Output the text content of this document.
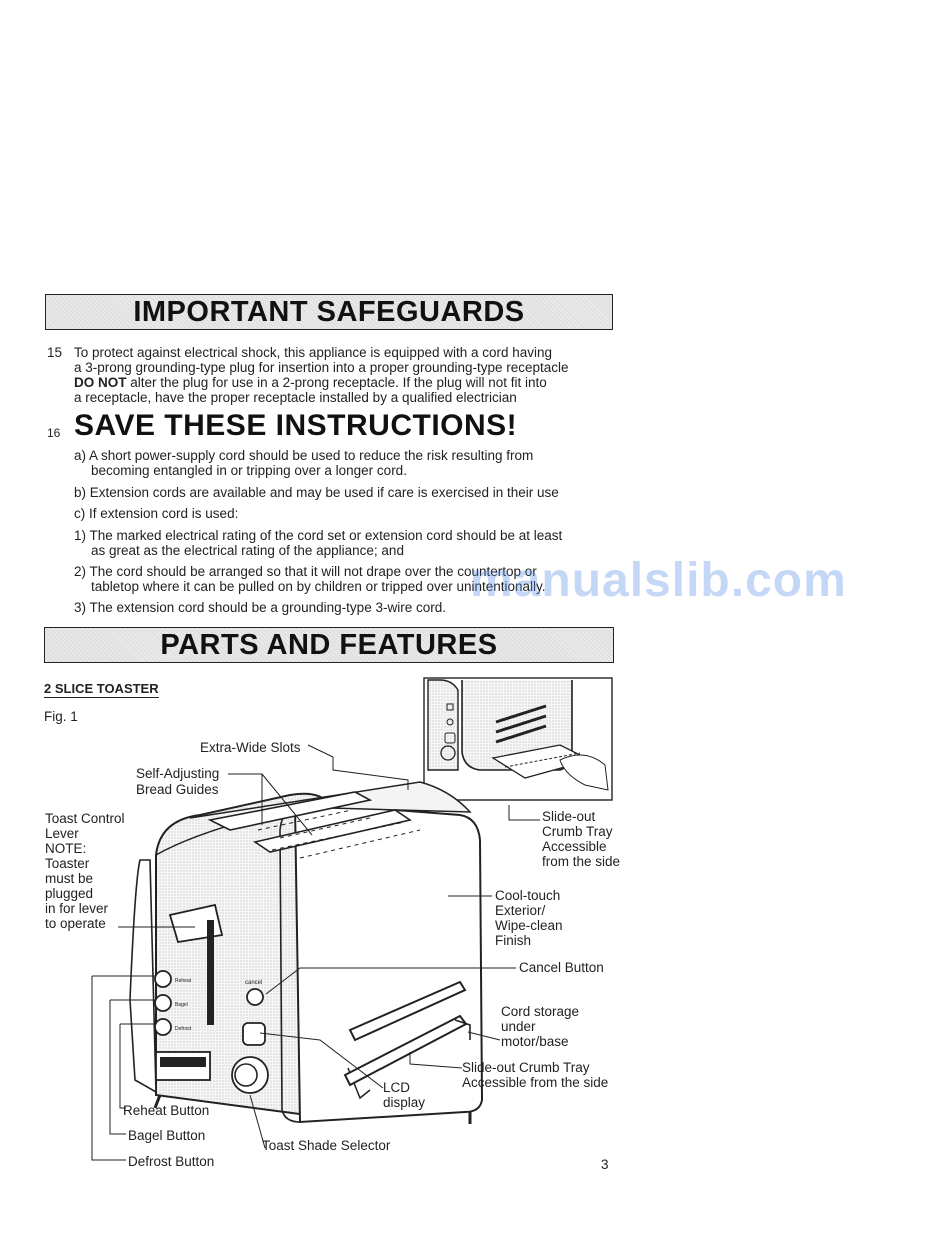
IMPORTANT SAFEGUARDS
15 To protect against electrical shock, this appliance is equipped with a cord having
a 3-prong grounding-type plug for insertion into a proper grounding-type receptacle
DO NOT alter the plug for use in a 2-prong receptacle. If the plug will not fit into
a receptacle, have the proper receptacle installed by a qualified electrician
16 SAVE THESE INSTRUCTIONS!
a) A short power-supply cord should be used to reduce the risk resulting from
becoming entangled in or tripping over a longer cord.
b) Extension cords are available and may be used if care is exercised in their use
c) If extension cord is used:
1) The marked electrical rating of the cord set or extension cord should be at least
as great as the electrical rating of the appliance; and
2) The cord should be arranged so that it will not drape over the countertop or
tabletop where it can be pulled on by children or tripped over unintentionally.
3) The extension cord should be a grounding-type 3-wire cord.
manualslib.com
PARTS AND FEATURES
2 SLICE TOASTER
Fig. 1
Reheat
Bagel
Defrost
cancel
Extra-Wide Slots
Self-Adjusting
Bread Guides
Toast Control
Lever
NOTE:
Toaster
must be
plugged
in for lever
to operate
Slide-out
Crumb Tray
Accessible
from the side
Cool-touch
Exterior/
Wipe-clean
Finish
Cancel Button
Cord storage
under
motor/base
Slide-out Crumb Tray
Accessible from the side
LCD
display
Reheat Button
Bagel Button
Defrost Button
Toast Shade Selector
3
